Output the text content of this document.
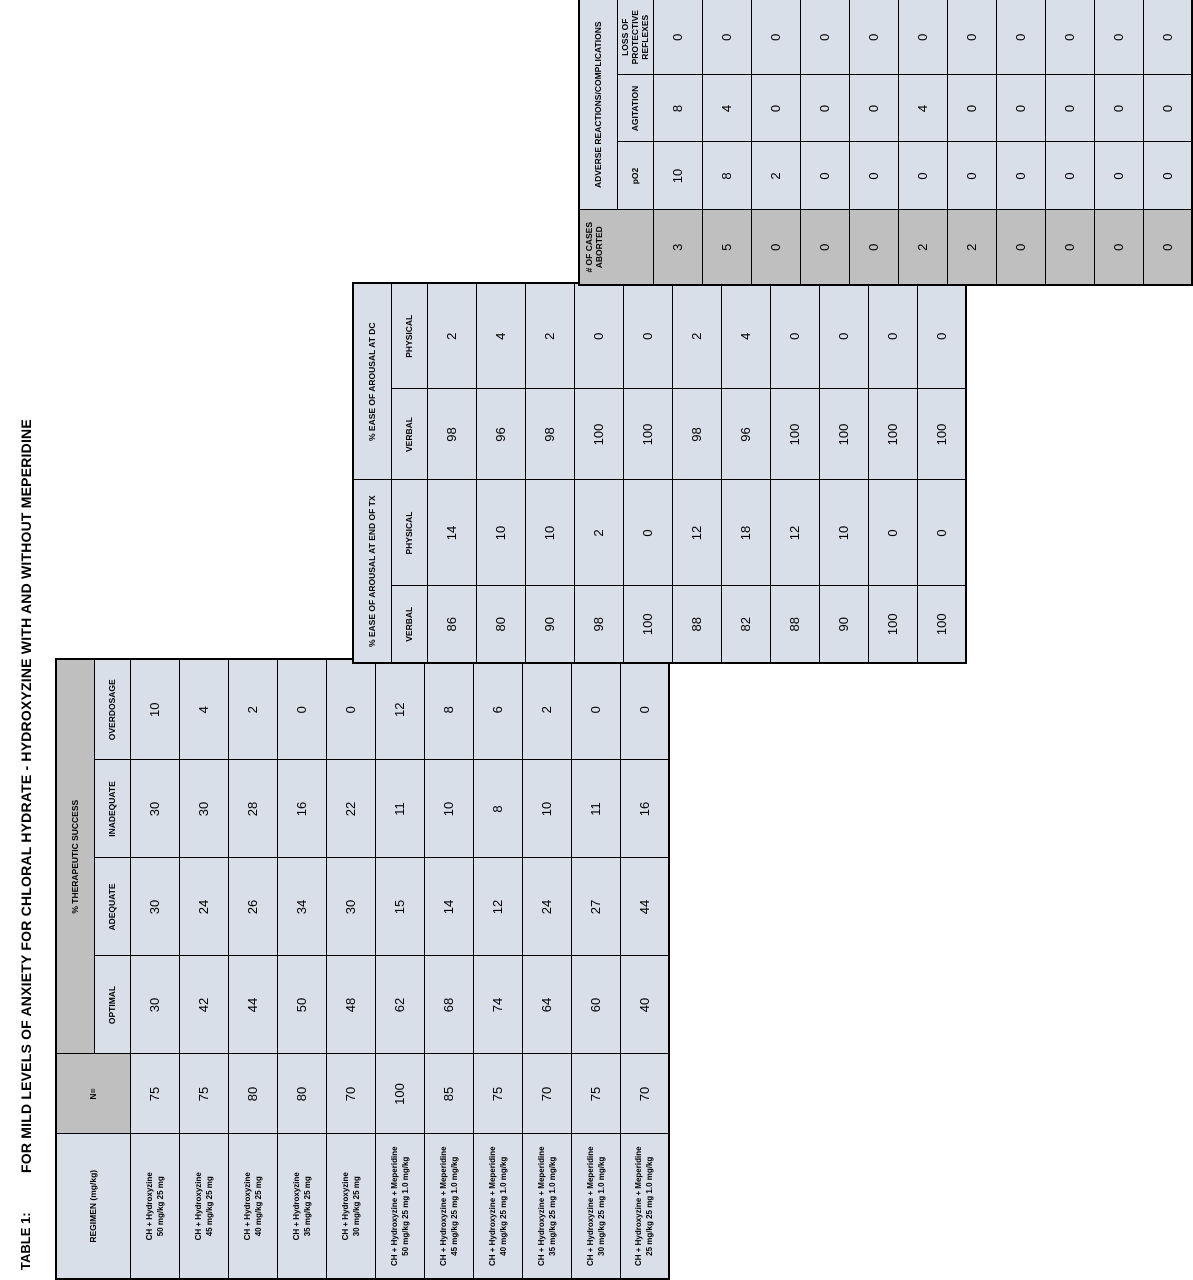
TABLE 1:
FOR MILD LEVELS OF ANXIETY FOR CHLORAL HYDRATE - HYDROXYZINE WITH AND WITHOUT MEPERIDINE
REGIMEN (mg/kg)	N=	% THERAPEUTIC SUCCESS			
		OPTIMAL	ADEQUATE	INADEQUATE	OVERDOSAGE

CH + Hydroxyzine 50 mg/kg 25 mg	75	30	30	30	10

CH + Hydroxyzine 45 mg/kg 25 mg	75	42	24	30	4

CH + Hydroxyzine 40 mg/kg 25 mg	80	44	26	28	2

CH + Hydroxyzine 35 mg/kg 25 mg	80	50	34	16	0

CH + Hydroxyzine 30 mg/kg 25 mg	70	48	30	22	0

CH + Hydroxyzine + Meperidine 50 mg/kg 25 mg 1.0 mg/kg	100	62	15	11	12

CH + Hydroxyzine + Meperidine 45 mg/kg 25 mg 1.0 mg/kg	85	68	14	10	8

CH + Hydroxyzine + Meperidine 40 mg/kg 25 mg 1.0 mg/kg	75	74	12	8	6

CH + Hydroxyzine + Meperidine 35 mg/kg 25 mg 1.0 mg/kg	70	64	24	10	2

CH + Hydroxyzine + Meperidine 30 mg/kg 25 mg 1.0 mg/kg	75	60	27	11	0

CH + Hydroxyzine + Meperidine 25 mg/kg 25 mg 1.0 mg/kg	70	40	44	16	0
% EASE OF AROUSAL AT END OF TX		% EASE OF AROUSAL AT DC	
VERBAL	PHYSICAL	VERBAL	PHYSICAL
86	14	98	2
80	10	96	4
90	10	98	2
98	2	100	0
100	0	100	0
88	12	98	2
82	18	96	4
88	12	100	0
90	10	100	0
100	0	100	0
100	0	100	0
# OF CASES ABORTED	ADVERSE REACTIONS/COMPLICATIONS		
	pO2	AGITATION	LOSS OF PROTECTIVE REFLEXES
3	10	8	0
5	8	4	0
0	2	0	0
0	0	0	0
0	0	0	0
2	0	4	0
2	0	0	0
0	0	0	0
0	0	0	0
0	0	0	0
0	0	0	0
